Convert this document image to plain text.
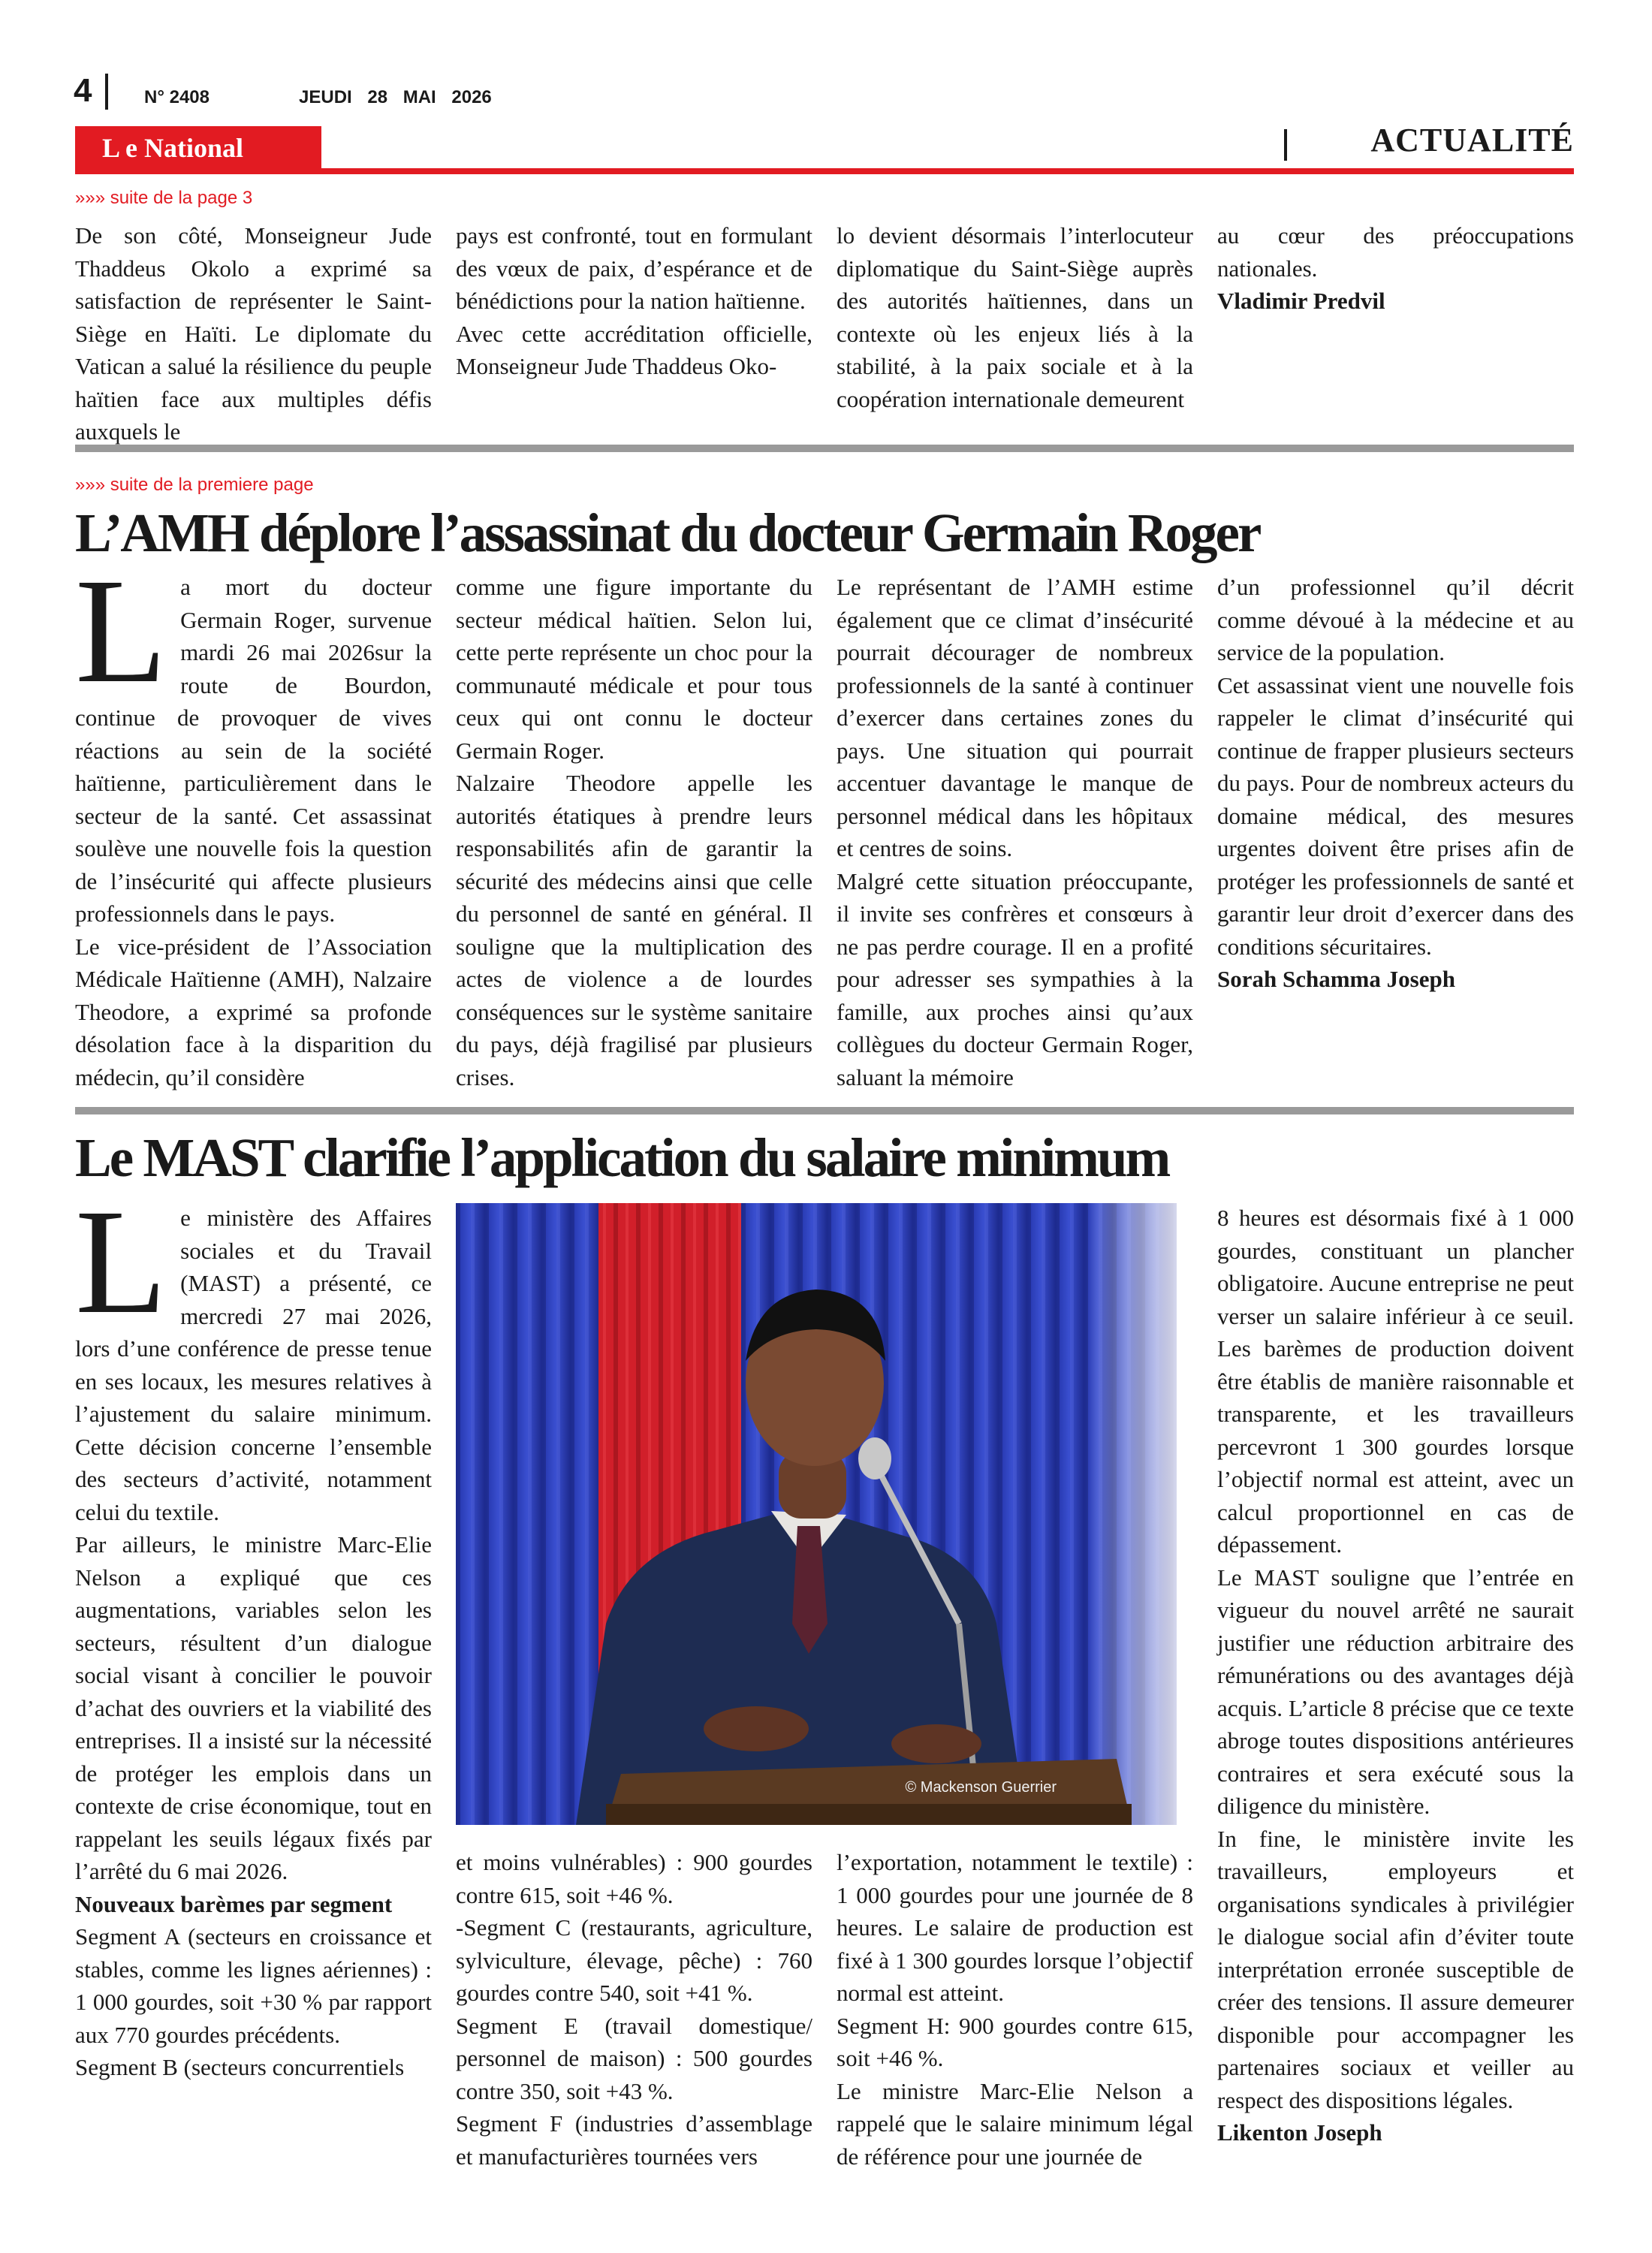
4	N° 2408	JEUDI 28 MAI 2026
L e National	ACTUALITÉ
»»» suite de la page 3

De son côté, Monseigneur Jude Thaddeus Okolo a exprimé sa satisfaction de représenter le Saint-Siège en Haïti. Le diplomate du Vatican a salué la résilience du peuple haïtien face aux multiples défis auxquels le

pays est confronté, tout en formulant des vœux de paix, d’espérance et de bénédictions pour la nation haïtienne.

Avec cette accréditation officielle, Monseigneur Jude Thaddeus Oko-

lo devient désormais l’interlocuteur diplomatique du Saint-Siège auprès des autorités haïtiennes, dans un contexte où les enjeux liés à la stabilité, à la paix sociale et à la coopération internationale demeurent

au cœur des préoccupations nationales.

Vladimir Predvil

»»» suite de la premiere page
L’AMH déplore l’assassinat du docteur Germain Roger

La mort du docteur Germain Roger, survenue mardi 26 mai 2026sur la route de Bourdon, continue de provoquer de vives réactions au sein de la société haïtienne, particulièrement dans le secteur de la santé. Cet assassinat soulève une nouvelle fois la question de l’insécurité qui affecte plusieurs professionnels dans le pays.

Le vice-président de l’Association Médicale Haïtienne (AMH), Nalzaire Theodore, a exprimé sa profonde désolation face à la disparition du médecin, qu’il considère

comme une figure importante du secteur médical haïtien. Selon lui, cette perte représente un choc pour la communauté médicale et pour tous ceux qui ont connu le docteur Germain Roger.

Nalzaire Theodore appelle les autorités étatiques à prendre leurs responsabilités afin de garantir la sécurité des médecins ainsi que celle du personnel de santé en général. Il souligne que la multiplication des actes de violence a de lourdes conséquences sur le système sanitaire du pays, déjà fragilisé par plusieurs crises.

Le représentant de l’AMH estime également que ce climat d’insécurité pourrait décourager de nombreux professionnels de la santé à continuer d’exercer dans certaines zones du pays. Une situation qui pourrait accentuer davantage le manque de personnel médical dans les hôpitaux et centres de soins.

Malgré cette situation préoccupante, il invite ses confrères et consœurs à ne pas perdre courage. Il en a profité pour adresser ses sympathies à la famille, aux proches ainsi qu’aux collègues du docteur Germain Roger, saluant la mémoire

d’un professionnel qu’il décrit comme dévoué à la médecine et au service de la population.

Cet assassinat vient une nouvelle fois rappeler le climat d’insécurité qui continue de frapper plusieurs secteurs du pays. Pour de nombreux acteurs du domaine médical, des mesures urgentes doivent être prises afin de protéger les professionnels de santé et garantir leur droit d’exercer dans des conditions sécuritaires.

Sorah Schamma Joseph

Le MAST clarifie l’application du salaire minimum

Le ministère des Affaires sociales et du Travail (MAST) a présenté, ce mercredi 27 mai 2026, lors d’une conférence de presse tenue en ses locaux, les mesures relatives à l’ajustement du salaire minimum. Cette décision concerne l’ensemble des secteurs d’activité, notamment celui du textile.

Par ailleurs, le ministre Marc-Elie Nelson a expliqué que ces augmentations, variables selon les secteurs, résultent d’un dialogue social visant à concilier le pouvoir d’achat des ouvriers et la viabilité des entreprises. Il a insisté sur la nécessité de protéger les emplois dans un contexte de crise économique, tout en rappelant les seuils légaux fixés par l’arrêté du 6 mai 2026.

Nouveaux barèmes par segment

Segment A (secteurs en croissance et stables, comme les lignes aériennes) : 1 000 gourdes, soit +30 % par rapport aux 770 gourdes précédents.

Segment B (secteurs concurrentiels

© Mackenson Guerrier

et moins vulnérables) : 900 gourdes contre 615, soit +46 %.

-Segment C (restaurants, agriculture, sylviculture, élevage, pêche) : 760 gourdes contre 540, soit +41 %.

Segment E (travail domestique/ personnel de maison) : 500 gourdes contre 350, soit +43 %.

Segment F (industries d’assemblage et manufacturières tournées vers

l’exportation, notamment le textile) : 1 000 gourdes pour une journée de 8 heures. Le salaire de production est fixé à 1 300 gourdes lorsque l’objectif normal est atteint.

Segment H: 900 gourdes contre 615, soit +46 %.

Le ministre Marc-Elie Nelson a rappelé que le salaire minimum légal de référence pour une journée de

8 heures est désormais fixé à 1 000 gourdes, constituant un plancher obligatoire. Aucune entreprise ne peut verser un salaire inférieur à ce seuil. Les barèmes de production doivent être établis de manière raisonnable et transparente, et les travailleurs percevront 1 300 gourdes lorsque l’objectif normal est atteint, avec un calcul proportionnel en cas de dépassement.

Le MAST souligne que l’entrée en vigueur du nouvel arrêté ne saurait justifier une réduction arbitraire des rémunérations ou des avantages déjà acquis. L’article 8 précise que ce texte abroge toutes dispositions antérieures contraires et sera exécuté sous la diligence du ministère.

In fine, le ministère invite les travailleurs, employeurs et organisations syndicales à privilégier le dialogue social afin d’éviter toute interprétation erronée susceptible de créer des tensions. Il assure demeurer disponible pour accompagner les partenaires sociaux et veiller au respect des dispositions légales.

Likenton Joseph
